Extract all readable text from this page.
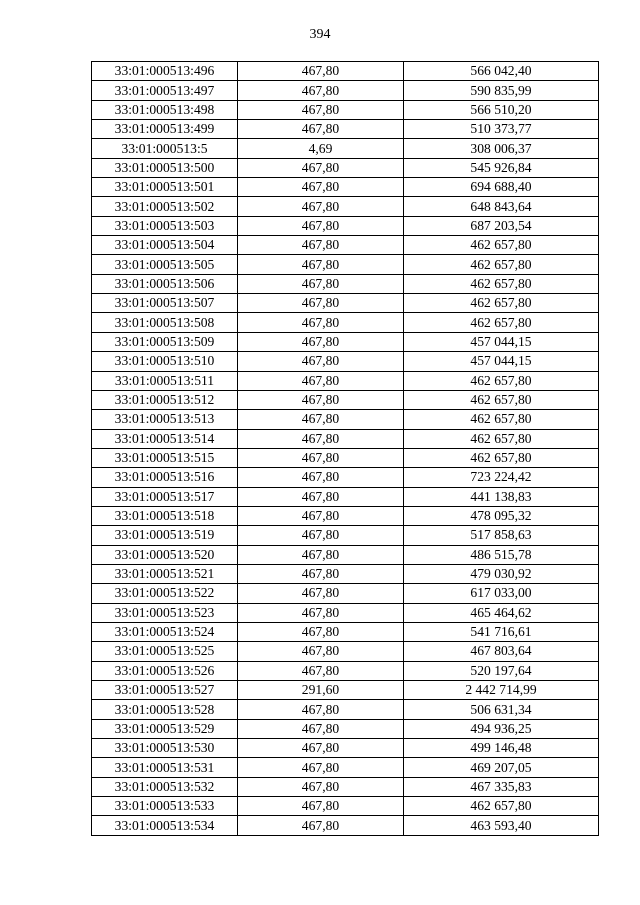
394
33:01:000513:496	467,80	566 042,40
33:01:000513:497	467,80	590 835,99
33:01:000513:498	467,80	566 510,20
33:01:000513:499	467,80	510 373,77
33:01:000513:5	4,69	308 006,37
33:01:000513:500	467,80	545 926,84
33:01:000513:501	467,80	694 688,40
33:01:000513:502	467,80	648 843,64
33:01:000513:503	467,80	687 203,54
33:01:000513:504	467,80	462 657,80
33:01:000513:505	467,80	462 657,80
33:01:000513:506	467,80	462 657,80
33:01:000513:507	467,80	462 657,80
33:01:000513:508	467,80	462 657,80
33:01:000513:509	467,80	457 044,15
33:01:000513:510	467,80	457 044,15
33:01:000513:511	467,80	462 657,80
33:01:000513:512	467,80	462 657,80
33:01:000513:513	467,80	462 657,80
33:01:000513:514	467,80	462 657,80
33:01:000513:515	467,80	462 657,80
33:01:000513:516	467,80	723 224,42
33:01:000513:517	467,80	441 138,83
33:01:000513:518	467,80	478 095,32
33:01:000513:519	467,80	517 858,63
33:01:000513:520	467,80	486 515,78
33:01:000513:521	467,80	479 030,92
33:01:000513:522	467,80	617 033,00
33:01:000513:523	467,80	465 464,62
33:01:000513:524	467,80	541 716,61
33:01:000513:525	467,80	467 803,64
33:01:000513:526	467,80	520 197,64
33:01:000513:527	291,60	2 442 714,99
33:01:000513:528	467,80	506 631,34
33:01:000513:529	467,80	494 936,25
33:01:000513:530	467,80	499 146,48
33:01:000513:531	467,80	469 207,05
33:01:000513:532	467,80	467 335,83
33:01:000513:533	467,80	462 657,80
33:01:000513:534	467,80	463 593,40
